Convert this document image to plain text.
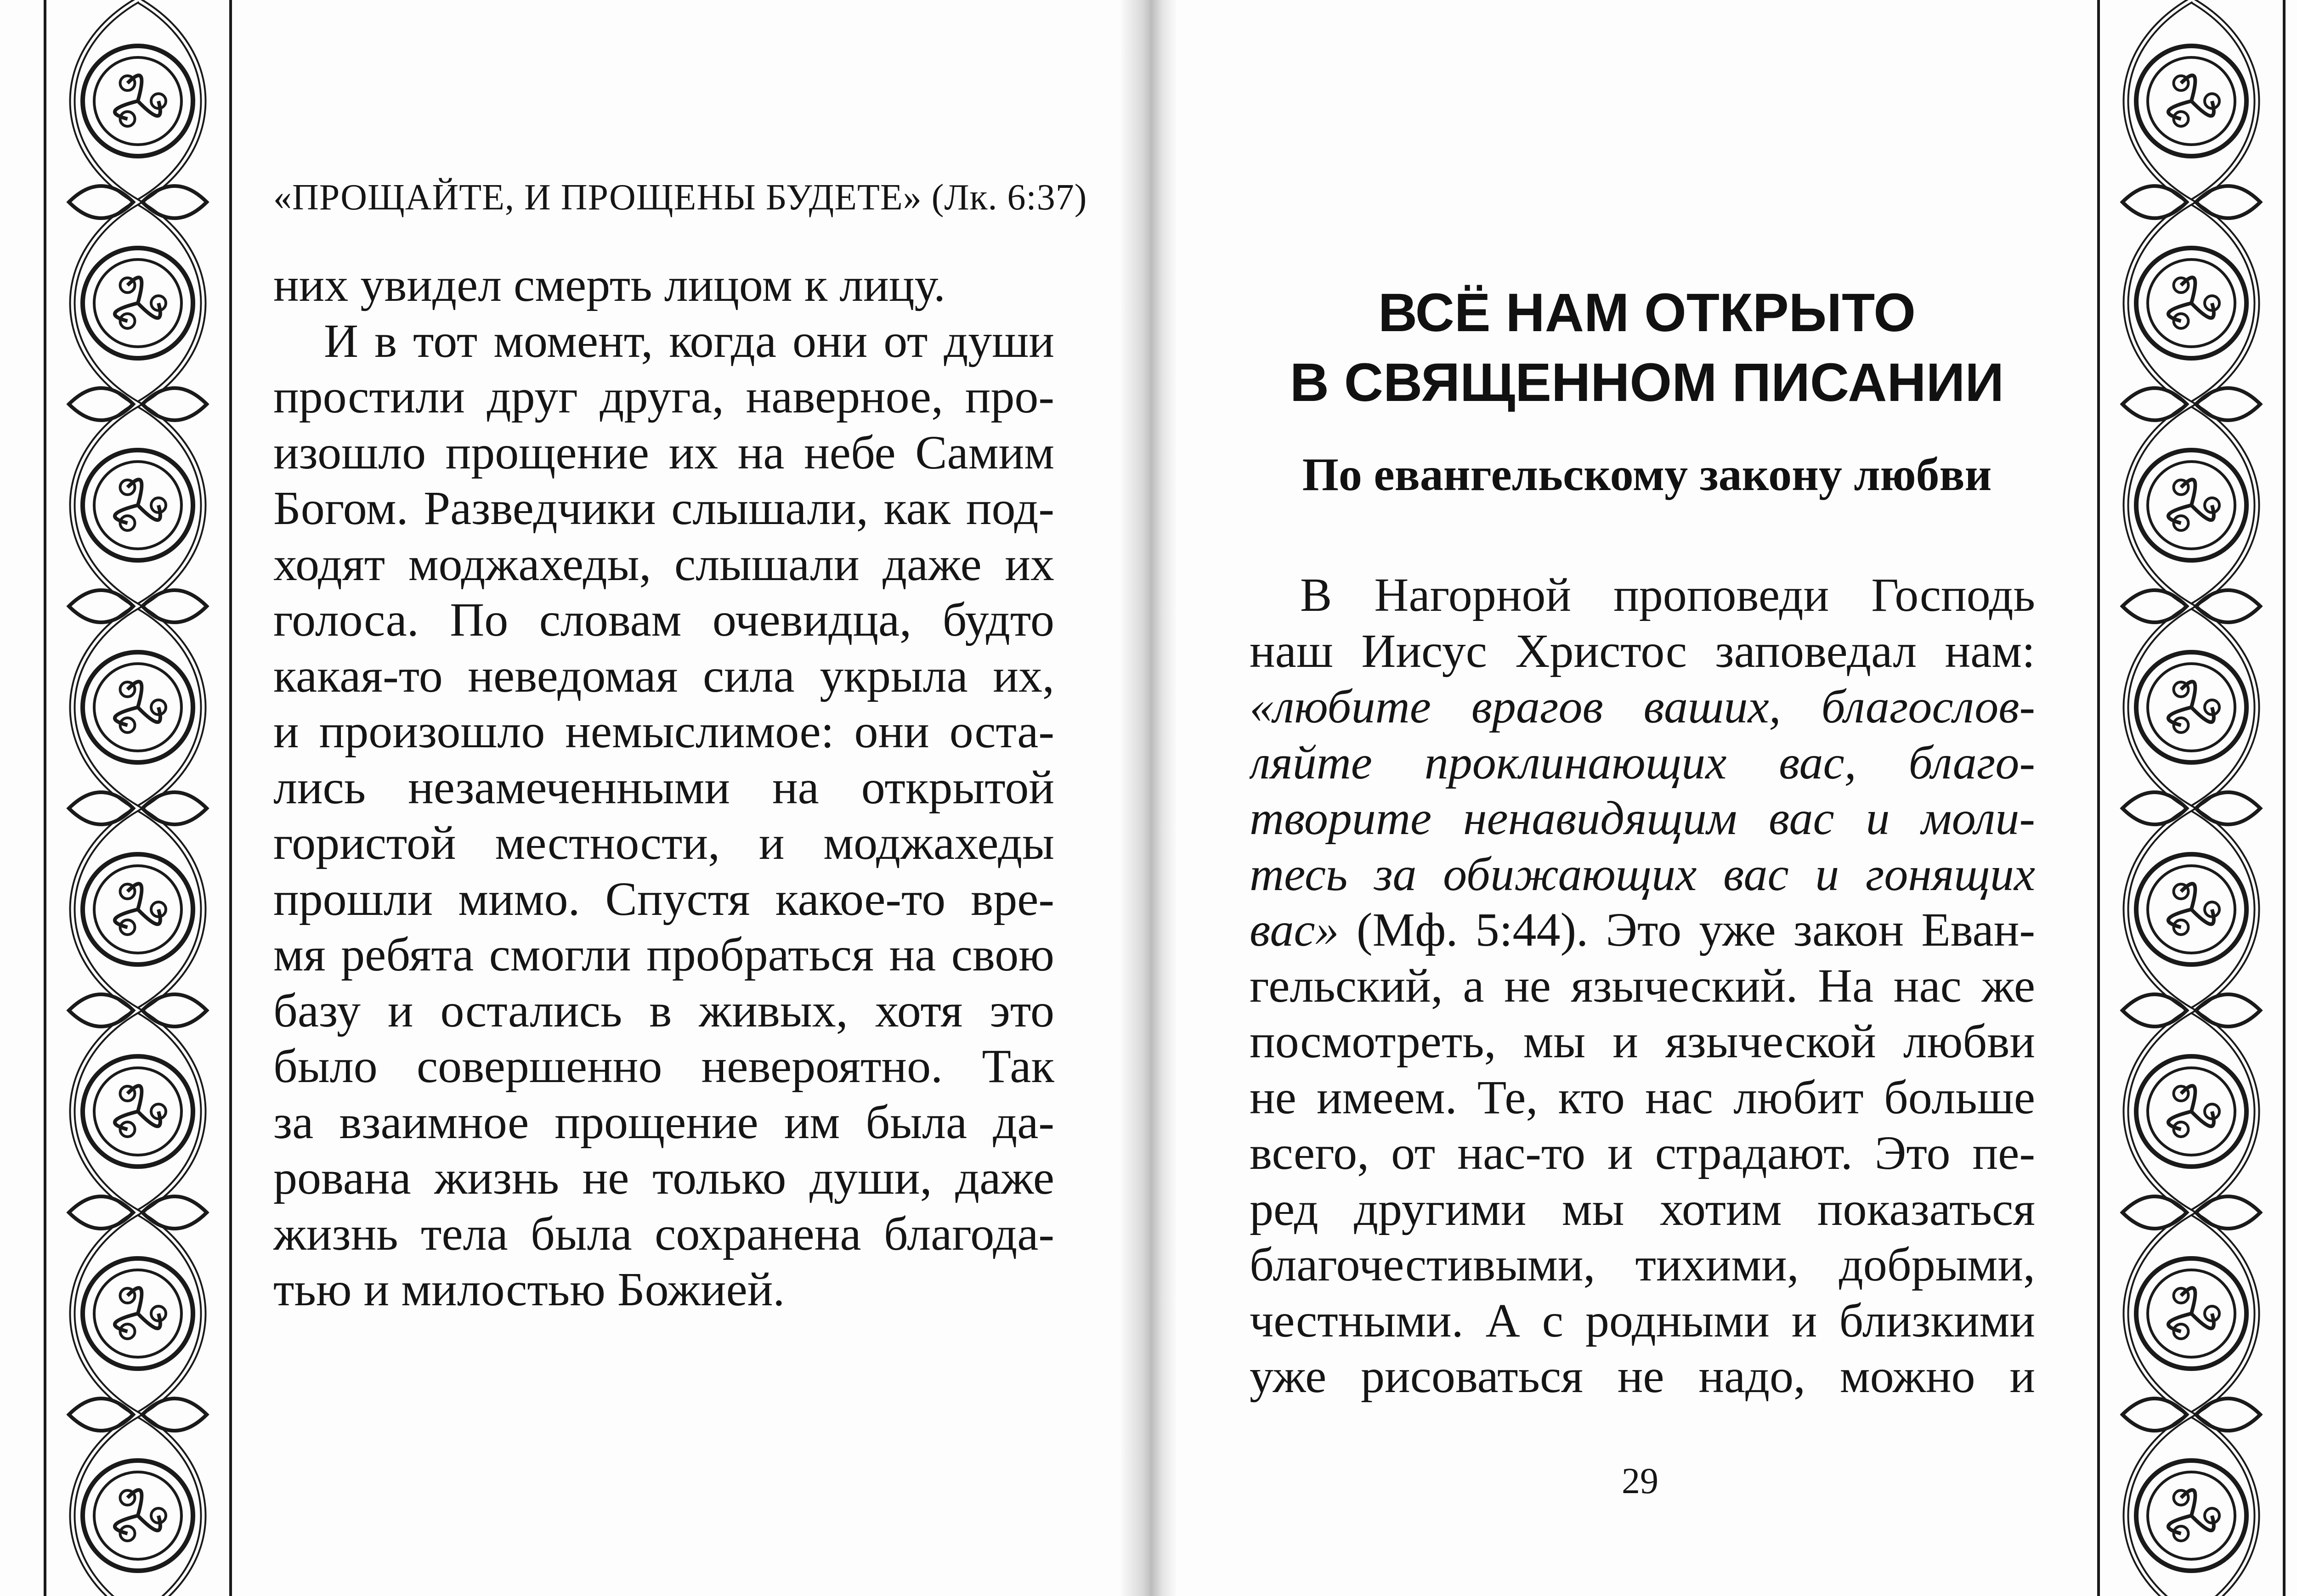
«ПРОЩАЙТЕ, И ПРОЩЕНЫ БУДЕТЕ» (Лк. 6:37)
них увидел смерть лицом к лицу.
И в тот момент, когда они от души
простили друг друга, наверное, про-
изошло прощение их на небе Самим
Богом. Разведчики слышали, как под-
ходят моджахеды, слышали даже их
голоса. По словам очевидца, будто
какая-то неведомая сила укрыла их,
и произошло немыслимое: они оста-
лись незамеченными на открытой
гористой местности, и моджахеды
прошли мимо. Спустя какое-то вре-
мя ребята смогли пробраться на свою
базу и остались в живых, хотя это
было совершенно невероятно. Так
за взаимное прощение им была да-
рована жизнь не только души, даже
жизнь тела была сохранена благода-
тью и милостью Божией.
ВСЁ НАМ ОТКРЫТО
В СВЯЩЕННОМ ПИСАНИИ
По евангельскому закону любви
В Нагорной проповеди Господь
наш Иисус Христос заповедал нам:
«любите врагов ваших, благослов-
ляйте проклинающих вас, благо-
творите ненавидящим вас и моли-
тесь за обижающих вас и гонящих
вас» (Мф. 5:44). Это уже закон Еван-
гельский, а не языческий. На нас же
посмотреть, мы и языческой любви
не имеем. Те, кто нас любит больше
всего, от нас-то и страдают. Это пе-
ред другими мы хотим показаться
благочестивыми, тихими, добрыми,
честными. А с родными и близкими
уже рисоваться не надо, можно и
29
